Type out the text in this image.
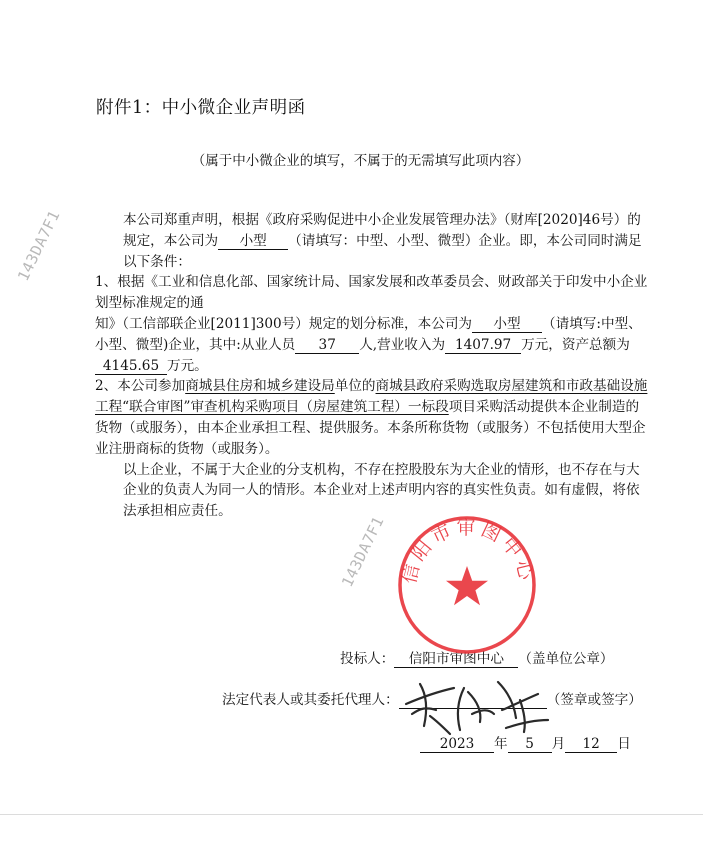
附件1：中小微企业声明函
（属于中小微企业的填写，不属于的无需填写此项内容）

本公司郑重声明，根据《政府采购促进中小企业发展管理办法》（财库[2020]46号）的规定，本公司为 小型 （请填写：中型、小型、微型）企业。即，本公司同时满足以下条件：

1、根据《工业和信息化部、国家统计局、国家发展和改革委员会、财政部关于印发中小企业划型标准规定的通
知》（工信部联企业[2011]300号）规定的划分标准，本公司为 小型 （请填写:中型、小型、微型)企业，其中:从业人员 37 人,营业收入为 1407.97 万元，资产总额为4145.65 万元。

2、本公司参加商城县住房和城乡建设局单位的商城县政府采购选取房屋建筑和市政基础设施工程“联合审图”审查机构采购项目（房屋建筑工程）一标段项目采购活动提供本企业制造的货物（或服务），由本企业承担工程、提供服务。本条所称货物（或服务）不包括使用大型企业注册商标的货物（或服务）。

以上企业，不属于大企业的分支机构，不存在控股股东为大企业的情形，也不存在与大企业的负责人为同一人的情形。本企业对上述声明内容的真实性负责。如有虚假，将依法承担相应责任。

投标人： 信阳市审图中心 （盖单位公章）
法定代表人或其委托代理人：	（签章或签字）
2023 年 5 月 12 日
信阳市审图中心
143DA7F1
143DA7F1
